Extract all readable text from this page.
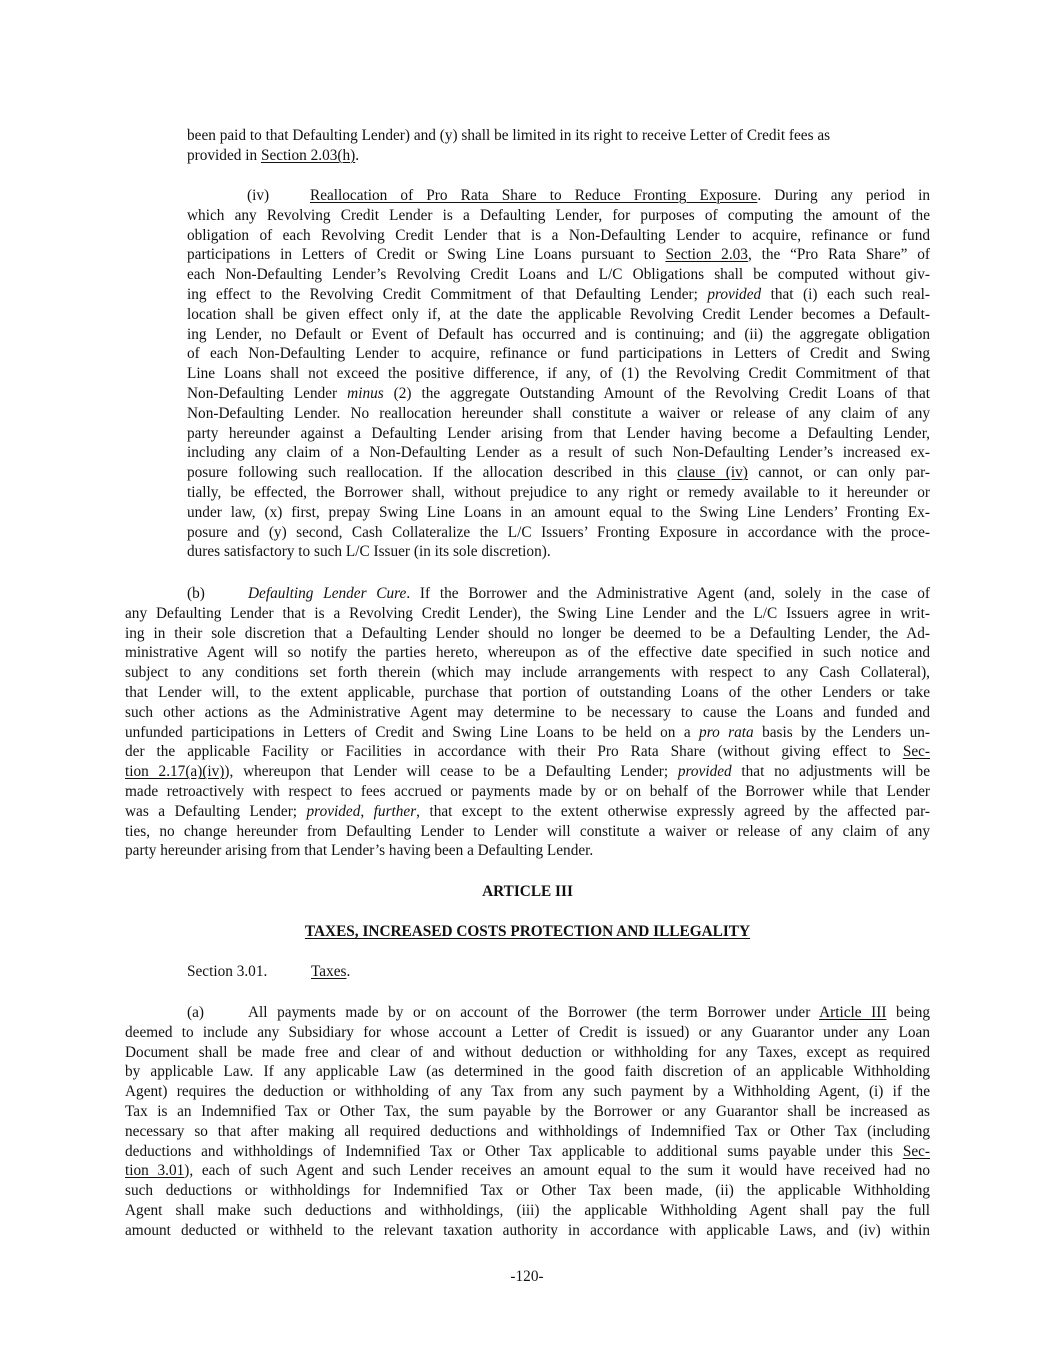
been paid to that Defaulting Lender) and (y) shall be limited in its right to receive Letter of Credit fees as
provided in Section 2.03(h).
(iv)	Reallocation of Pro Rata Share to Reduce Fronting Exposure. During any period in
which any Revolving Credit Lender is a Defaulting Lender, for purposes of computing the amount of the
obligation of each Revolving Credit Lender that is a Non-Defaulting Lender to acquire, refinance or fund
participations in Letters of Credit or Swing Line Loans pursuant to Section 2.03, the “Pro Rata Share” of
each Non-Defaulting Lender’s Revolving Credit Loans and L/C Obligations shall be computed without giv-
ing effect to the Revolving Credit Commitment of that Defaulting Lender; provided that (i) each such real-
location shall be given effect only if, at the date the applicable Revolving Credit Lender becomes a Default-
ing Lender, no Default or Event of Default has occurred and is continuing; and (ii) the aggregate obligation
of each Non-Defaulting Lender to acquire, refinance or fund participations in Letters of Credit and Swing
Line Loans shall not exceed the positive difference, if any, of (1) the Revolving Credit Commitment of that
Non-Defaulting Lender minus (2) the aggregate Outstanding Amount of the Revolving Credit Loans of that
Non-Defaulting Lender. No reallocation hereunder shall constitute a waiver or release of any claim of any
party hereunder against a Defaulting Lender arising from that Lender having become a Defaulting Lender,
including any claim of a Non-Defaulting Lender as a result of such Non-Defaulting Lender’s increased ex-
posure following such reallocation. If the allocation described in this clause (iv) cannot, or can only par-
tially, be effected, the Borrower shall, without prejudice to any right or remedy available to it hereunder or
under law, (x) first, prepay Swing Line Loans in an amount equal to the Swing Line Lenders’ Fronting Ex-
posure and (y) second, Cash Collateralize the L/C Issuers’ Fronting Exposure in accordance with the proce-
dures satisfactory to such L/C Issuer (in its sole discretion).
(b)	Defaulting Lender Cure. If the Borrower and the Administrative Agent (and, solely in the case of
any Defaulting Lender that is a Revolving Credit Lender), the Swing Line Lender and the L/C Issuers agree in writ-
ing in their sole discretion that a Defaulting Lender should no longer be deemed to be a Defaulting Lender, the Ad-
ministrative Agent will so notify the parties hereto, whereupon as of the effective date specified in such notice and
subject to any conditions set forth therein (which may include arrangements with respect to any Cash Collateral),
that Lender will, to the extent applicable, purchase that portion of outstanding Loans of the other Lenders or take
such other actions as the Administrative Agent may determine to be necessary to cause the Loans and funded and
unfunded participations in Letters of Credit and Swing Line Loans to be held on a pro rata basis by the Lenders un-
der the applicable Facility or Facilities in accordance with their Pro Rata Share (without giving effect to Sec-
tion 2.17(a)(iv)), whereupon that Lender will cease to be a Defaulting Lender; provided that no adjustments will be
made retroactively with respect to fees accrued or payments made by or on behalf of the Borrower while that Lender
was a Defaulting Lender; provided, further, that except to the extent otherwise expressly agreed by the affected par-
ties, no change hereunder from Defaulting Lender to Lender will constitute a waiver or release of any claim of any
party hereunder arising from that Lender’s having been a Defaulting Lender.
ARTICLE III
TAXES, INCREASED COSTS PROTECTION AND ILLEGALITY
Section 3.01.	Taxes.
(a)	All payments made by or on account of the Borrower (the term Borrower under Article III being
deemed to include any Subsidiary for whose account a Letter of Credit is issued) or any Guarantor under any Loan
Document shall be made free and clear of and without deduction or withholding for any Taxes, except as required
by applicable Law. If any applicable Law (as determined in the good faith discretion of an applicable Withholding
Agent) requires the deduction or withholding of any Tax from any such payment by a Withholding Agent, (i) if the
Tax is an Indemnified Tax or Other Tax, the sum payable by the Borrower or any Guarantor shall be increased as
necessary so that after making all required deductions and withholdings of Indemnified Tax or Other Tax (including
deductions and withholdings of Indemnified Tax or Other Tax applicable to additional sums payable under this Sec-
tion 3.01), each of such Agent and such Lender receives an amount equal to the sum it would have received had no
such deductions or withholdings for Indemnified Tax or Other Tax been made, (ii) the applicable Withholding
Agent shall make such deductions and withholdings, (iii) the applicable Withholding Agent shall pay the full
amount deducted or withheld to the relevant taxation authority in accordance with applicable Laws, and (iv) within
-120-
